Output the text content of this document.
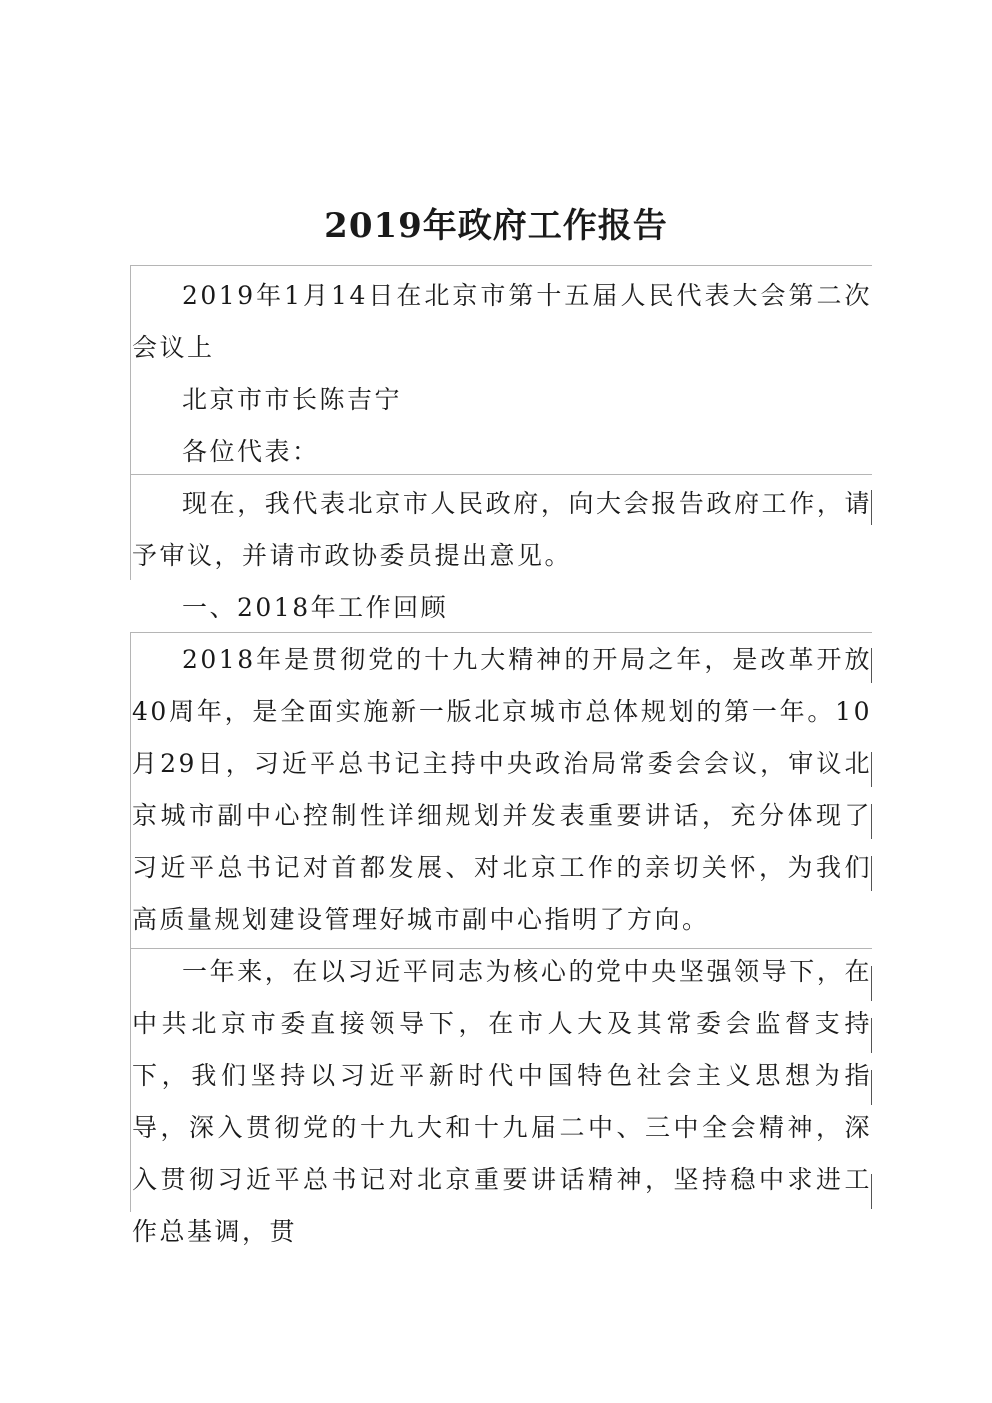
2019年政府工作报告

2019年1月14日在北京市第十五届人民代表大会第二次会议上

北京市市长陈吉宁

各位代表：

现在，我代表北京市人民政府，向大会报告政府工作，请予审议，并请市政协委员提出意见。

一、2018年工作回顾

2018年是贯彻党的十九大精神的开局之年，是改革开放40周年，是全面实施新一版北京城市总体规划的第一年。10月29日，习近平总书记主持中央政治局常委会会议，审议北京城市副中心控制性详细规划并发表重要讲话，充分体现了习近平总书记对首都发展、对北京工作的亲切关怀，为我们高质量规划建设管理好城市副中心指明了方向。

一年来，在以习近平同志为核心的党中央坚强领导下，在中共北京市委直接领导下，在市人大及其常委会监督支持下，我们坚持以习近平新时代中国特色社会主义思想为指导，深入贯彻党的十九大和十九届二中、三中全会精神，深入贯彻习近平总书记对北京重要讲话精神，坚持稳中求进工作总基调，贯
